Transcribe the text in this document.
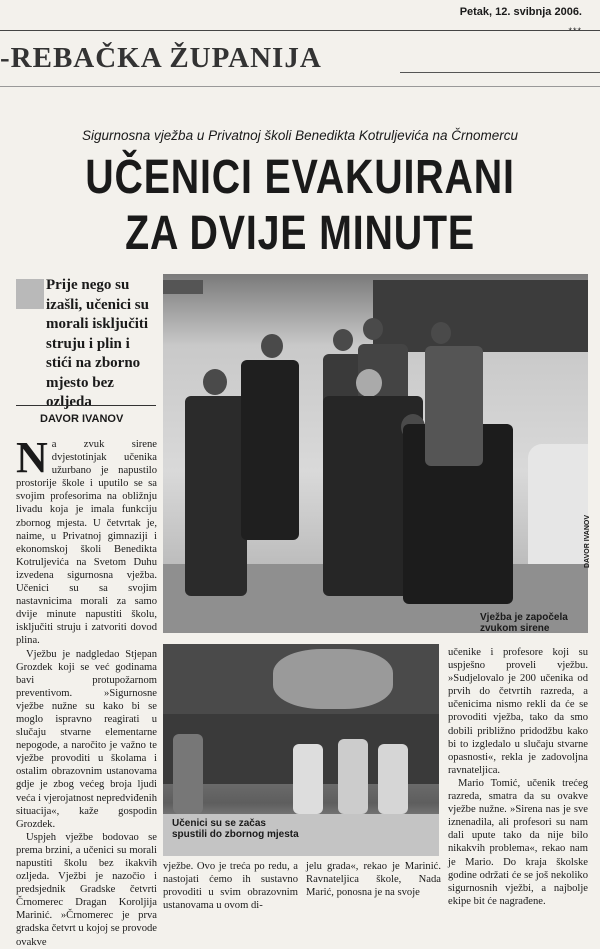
Petak, 12. svibnja 2006.
***
-REBAČKA ŽUPANIJA
Sigurnosna vježba u Privatnoj školi Benedikta Kotruljevića na Črnomercu
UČENICI EVAKUIRANI
ZA DVIJE MINUTE
Prije nego su izašli, učenici su morali isključiti struju i plin i stići na zborno mjesto bez ozljeda
DAVOR IVANOV
N a zvuk sirene dvjestotinjak učenika užurbano je napustilo prostorije škole i uputilo se sa svojim profesorima na obližnju livadu koja je imala funkciju zbornog mjesta. U četvrtak je, naime, u Privatnoj gimnaziji i ekonomskoj školi Benedikta Kotruljevića na Svetom Duhu izvedena sigurnosna vježba. Učenici su sa svojim nastavnicima morali za samo dvije minute napustiti školu, isključiti struju i zatvoriti dovod plina.
Vježbu je nadgledao Stjepan Grozdek koji se već godinama bavi protupožarnom preventivom. »Sigurnosne vježbe nužne su kako bi se moglo ispravno reagirati u slučaju stvarne elementarne nepogode, a naročito je važno te vježbe provoditi u školama i ostalim obrazovnim ustanovama gdje je zbog većeg broja ljudi veća i vjerojatnost nepredviđenih situacija«, kaže gospodin Grozdek.
Uspjeh vježbe bodovao se prema brzini, a učenici su morali napustiti školu bez ikakvih ozljeda. Vježbi je nazočio i predsjednik Gradske četvrti Črnomerec Dragan Koroljija Marinić. »Črnomerec je prva gradska četvrt u kojoj se provode ovakve
Vježba je započela zvukom sirene
DAVOR IVANOV
Učenici su se začas spustili do zbornog mjesta
učenike i profesore koji su uspješno proveli vježbu. »Sudjelovalo je 200 učenika od prvih do četvrtih razreda, a učenicima nismo rekli da će se provoditi vježba, tako da smo dobili približno pridodžbu kako bi to izgledalo u slučaju stvarne opasnosti«, rekla je zadovoljna ravnateljica.
Mario Tomić, učenik trećeg razreda, smatra da su ovakve vježbe nužne. »Sirena nas je sve iznenadila, ali profesori su nam dali upute tako da nije bilo nikakvih problema«, rekao nam je Mario. Do kraja školske godine održati će se još nekoliko sigurnosnih vježbi, a najbolje ekipe bit će nagrađene.
vježbe. Ovo je treća po redu, a nastojati ćemo ih sustavno provoditi u svim obrazovnim ustanovama u ovom di-
jelu grada«, rekao je Marinić. Ravnateljica škole, Nada Marić, ponosna je na svoje
